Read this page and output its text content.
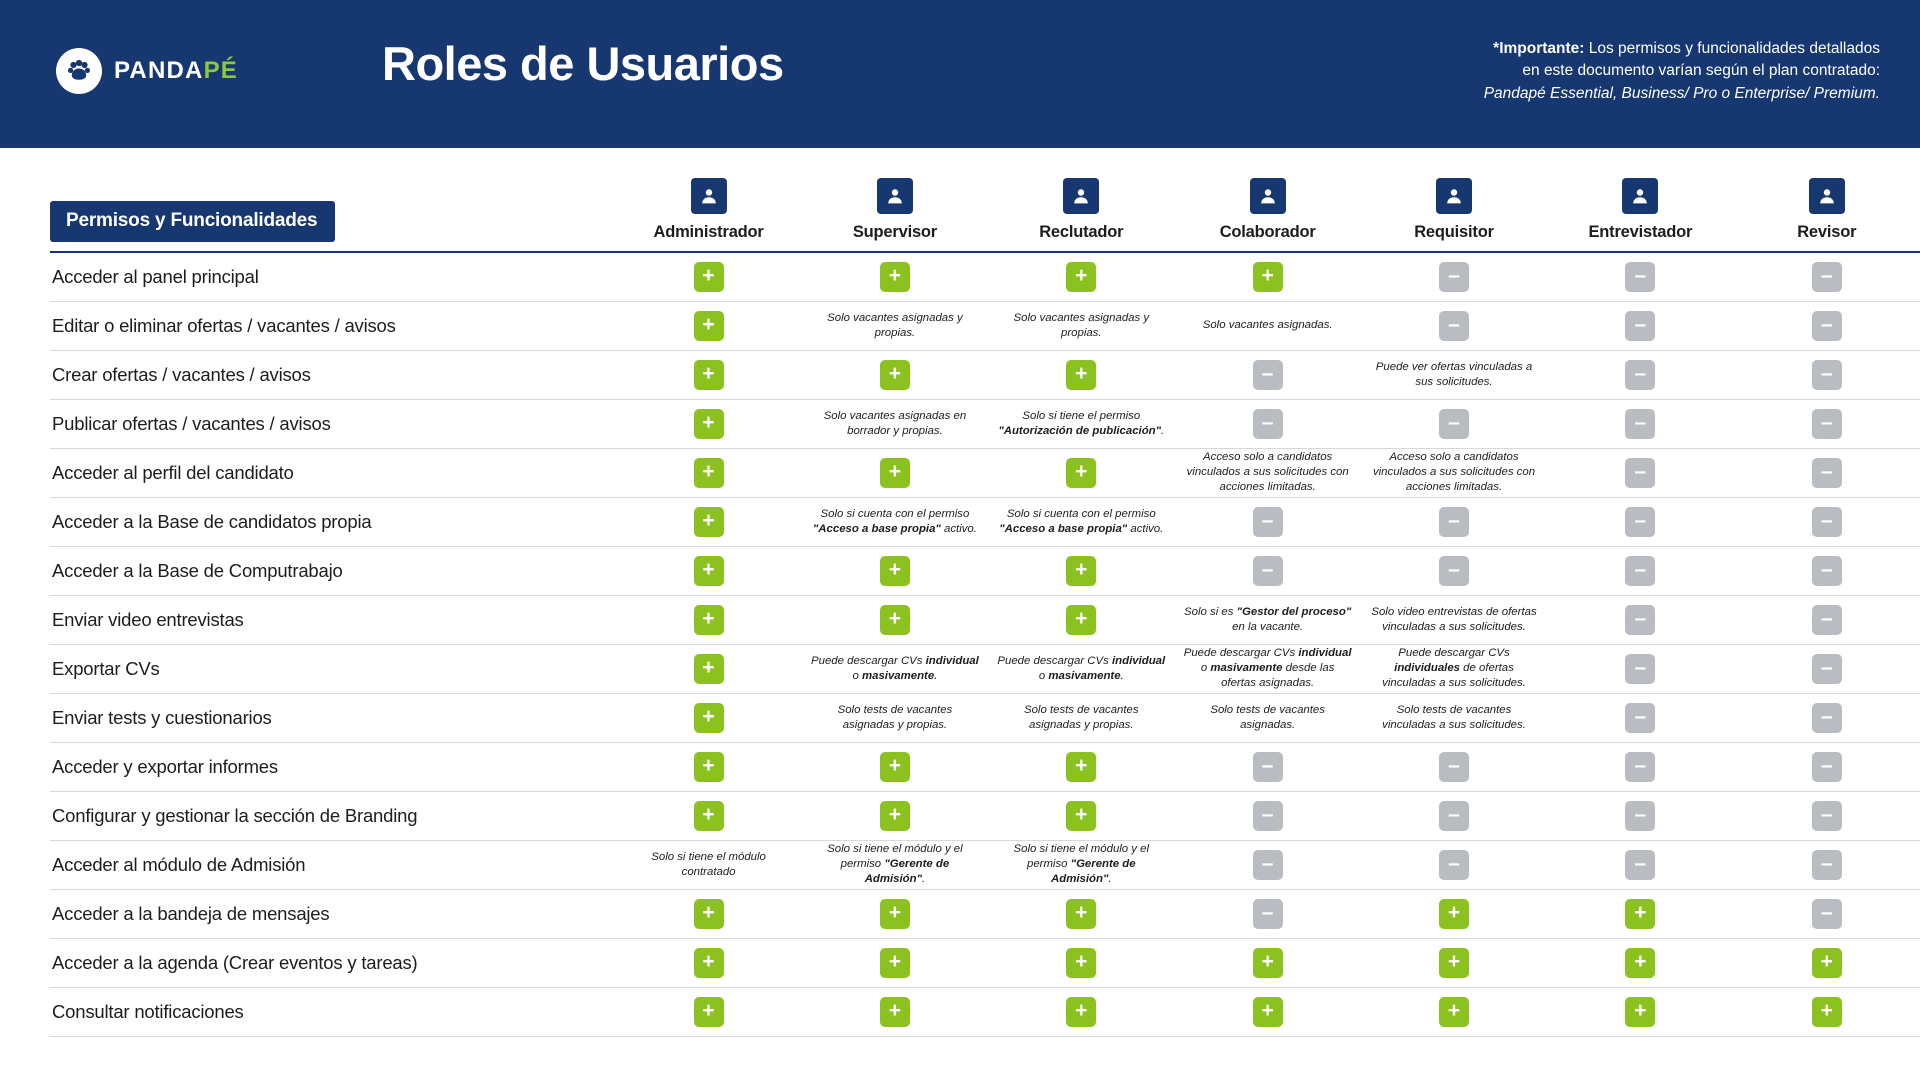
PANDAPÉ	Roles de Usuarios	*Importante: Los permisos y funcionalidades detallados
en este documento varían según el plan contratado:
Pandapé Essential, Business/ Pro o Enterprise/ Premium.
Permisos y Funcionalidades	Administrador	Supervisor	Reclutador	Colaborador	Requisitor	Entrevistador	Revisor

Acceder al panel principal	+	+	+	+	–	–	–

Editar o eliminar ofertas / vacantes / avisos	+	Solo vacantes asignadas y propias.	Solo vacantes asignadas y propias.	Solo vacantes asignadas.	–	–	–

Crear ofertas / vacantes / avisos	+	+	+	–	Puede ver ofertas vinculadas a sus solicitudes.	–	–

Publicar ofertas / vacantes / avisos	+	Solo vacantes asignadas en borrador y propias.	Solo si tiene el permiso "Autorización de publicación".	–	–	–	–

Acceder al perfil del candidato	+	+	+	Acceso solo a candidatos vinculados a sus solicitudes con acciones limitadas.	Acceso solo a candidatos vinculados a sus solicitudes con acciones limitadas.	–	–

Acceder a la Base de candidatos propia	+	Solo si cuenta con el permiso "Acceso a base propia" activo.	Solo si cuenta con el permiso "Acceso a base propia" activo.	–	–	–	–

Acceder a la Base de Computrabajo	+	+	+	–	–	–	–

Enviar video entrevistas	+	+	+	Solo si es "Gestor del proceso" en la vacante.	Solo video entrevistas de ofertas vinculadas a sus solicitudes.	–	–

Exportar CVs	+	Puede descargar CVs individual o masivamente.	Puede descargar CVs individual o masivamente.	Puede descargar CVs individual o masivamente desde las ofertas asignadas.	Puede descargar CVs individuales de ofertas vinculadas a sus solicitudes.	–	–

Enviar tests y cuestionarios	+	Solo tests de vacantes asignadas y propias.	Solo tests de vacantes asignadas y propias.	Solo tests de vacantes asignadas.	Solo tests de vacantes vinculadas a sus solicitudes.	–	–

Acceder y exportar informes	+	+	+	–	–	–	–

Configurar y gestionar la sección de Branding	+	+	+	–	–	–	–

Acceder al módulo de Admisión	Solo si tiene el módulo contratado	Solo si tiene el módulo y el permiso "Gerente de Admisión".	Solo si tiene el módulo y el permiso "Gerente de Admisión".	–	–	–	–

Acceder a la bandeja de mensajes	+	+	+	–	+	+	–

Acceder a la agenda (Crear eventos y tareas)	+	+	+	+	+	+	+

Consultar notificaciones	+	+	+	+	+	+	+
